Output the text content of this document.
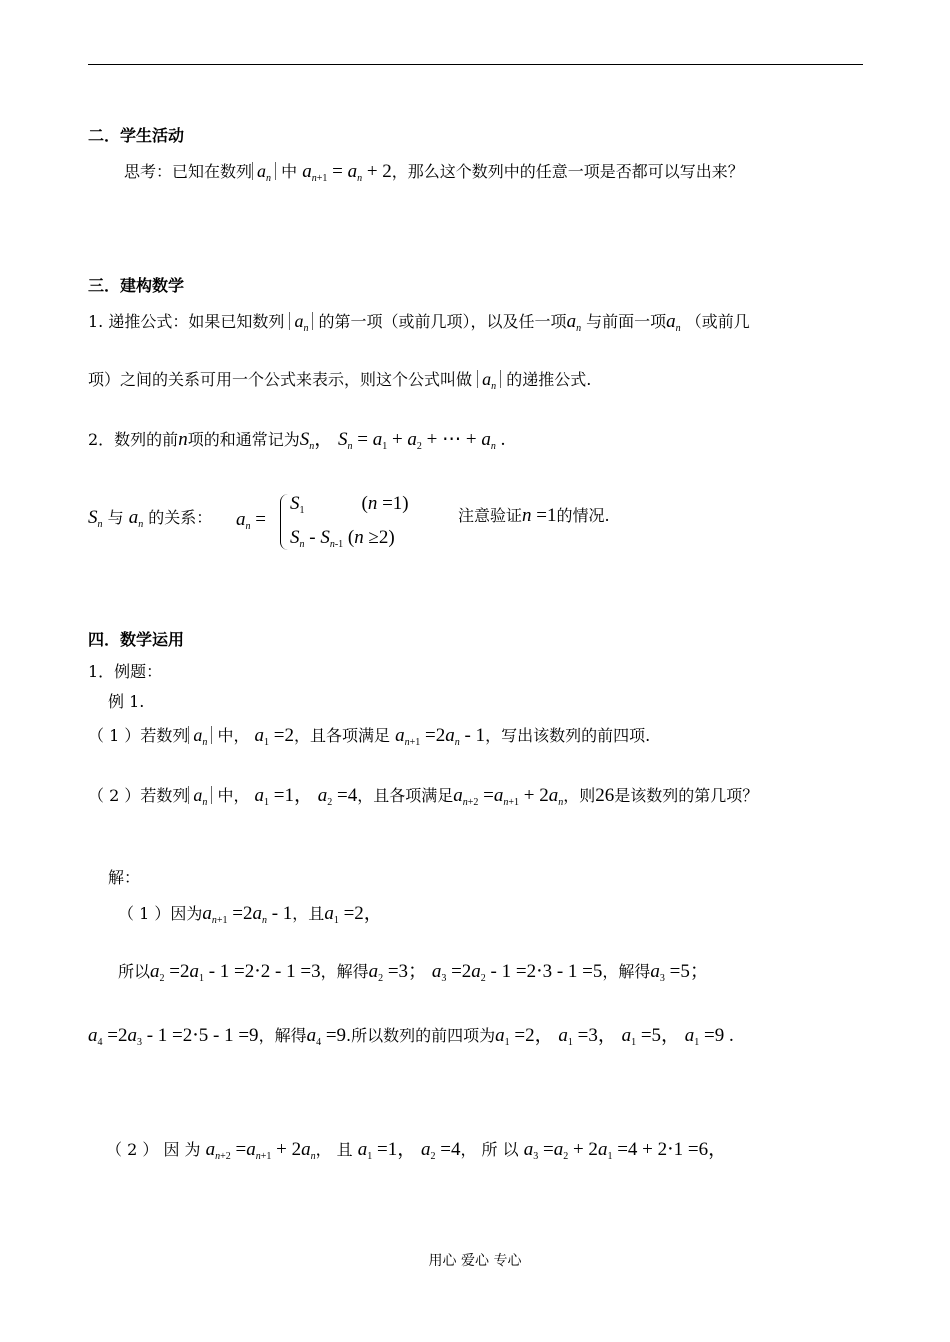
二．学生活动
思考：已知在数列 $a_n$ 中 $a_{n+1} = a_n + 2$，那么这个数列中的任意一项是否都可以写出来？
三．建构数学
1. 递推公式：如果已知数列 $a_n$ 的第一项（或前几项），以及任一项$a_n$ 与前面一项$a_n$ （或前几
项）之间的关系可用一个公式来表示，则这个公式叫做 $a_n$ 的递推公式.
2．数列的前n项的和通常记为$S_n$， $S_n = a_1 + a_2$ + ⋯ + $a_n$ .
$S_n$ 与 $a_n$ 的关系： $a_n$ =
$S_1$            (n =1)
$S_n - S_{n-1}$ (n ≥2)
注意验证n =1的情况.
四．数学运用
1．例题：
例 1.
（ 1 ）若数列 $a_n$ 中， $a_1 =2$，且各项满足 $a_{n+1} =2a_n - 1$，写出该数列的前四项.
（ 2 ）若数列 $a_n$ 中， $a_1 =1$， $a_2 =4$，且各项满足$a_{n+2} =a_{n+1} + 2a_n$，则26是该数列的第几项？
解：
（ 1 ）因为$a_{n+1} =2a_n - 1$，且$a_1 =2$，
所以$a_2 =2a_1 - 1 =2\cdot 2 - 1 =3$，解得$a_2 =3$； $a_3 =2a_2 - 1 =2\cdot 3 - 1 =5$，解得$a_3 =5$；
$a_4 =2a_3 - 1 =2\cdot 5 - 1 =9$，解得$a_4 =9$.所以数列的前四项为$a_1 =2$， $a_1 =3$， $a_1 =5$， $a_1 =9$ .
（ 2 ） 因 为 $a_{n+2} =a_{n+1} + 2a_n$， 且 $a_1 =1$， $a_2 =4$， 所 以 $a_3 =a_2 + 2a_1 =4 + 2\cdot 1 =6$，
用心 爱心 专心
